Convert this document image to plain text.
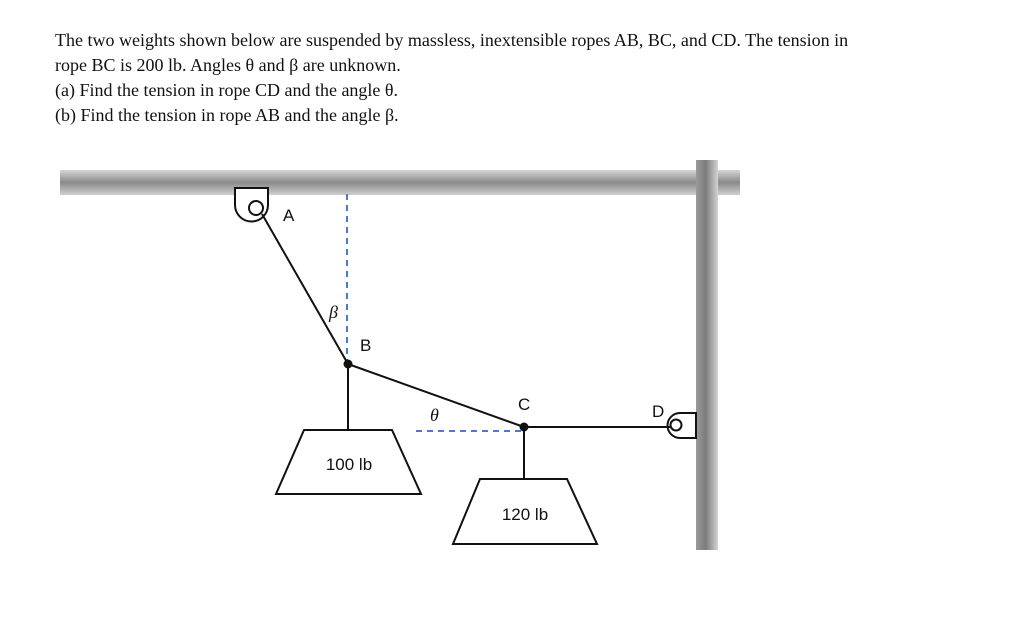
The two weights shown below are suspended by massless, inextensible ropes AB, BC, and CD. The tension in

rope BC is 200 lb. Angles θ and β are unknown.

(a) Find the tension in rope CD and the angle θ.

(b) Find the tension in rope AB and the angle β.

A
B
C	D
β
θ
100 lb
120 lb
